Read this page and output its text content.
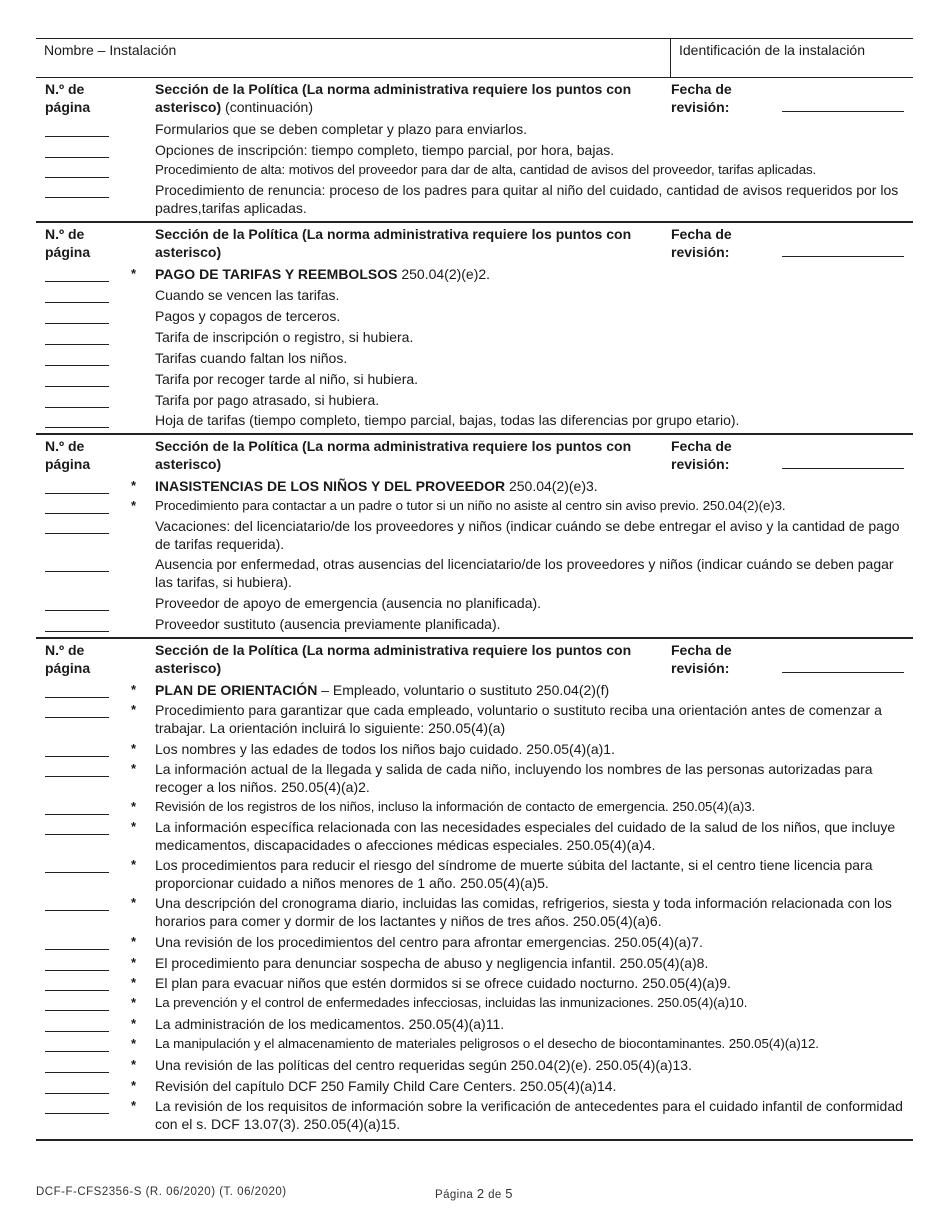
Nombre – Instalación	Identificación de la instalación
N.º de página
Sección de la Política (La norma administrativa requiere los puntos con asterisco) (continuación)
Fecha de revisión:
Formularios que se deben completar y plazo para enviarlos.
Opciones de inscripción: tiempo completo, tiempo parcial, por hora, bajas.
Procedimiento de alta: motivos del proveedor para dar de alta, cantidad de avisos del proveedor, tarifas aplicadas.
Procedimiento de renuncia: proceso de los padres para quitar al niño del cuidado, cantidad de avisos requeridos por los padres,tarifas aplicadas.
N.º de página
Sección de la Política (La norma administrativa requiere los puntos con asterisco)
Fecha de revisión:
* PAGO DE TARIFAS Y REEMBOLSOS 250.04(2)(e)2.
Cuando se vencen las tarifas.
Pagos y copagos de terceros.
Tarifa de inscripción o registro, si hubiera.
Tarifas cuando faltan los niños.
Tarifa por recoger tarde al niño, si hubiera.
Tarifa por pago atrasado, si hubiera.
Hoja de tarifas (tiempo completo, tiempo parcial, bajas, todas las diferencias por grupo etario).
N.º de página
Sección de la Política (La norma administrativa requiere los puntos con asterisco)
Fecha de revisión:
* INASISTENCIAS DE LOS NIÑOS Y DEL PROVEEDOR 250.04(2)(e)3.
* Procedimiento para contactar a un padre o tutor si un niño no asiste al centro sin aviso previo. 250.04(2)(e)3.
Vacaciones: del licenciatario/de los proveedores y niños (indicar cuándo se debe entregar el aviso y la cantidad de pago de tarifas requerida).
Ausencia por enfermedad, otras ausencias del licenciatario/de los proveedores y niños (indicar cuándo se deben pagar las tarifas, si hubiera).
Proveedor de apoyo de emergencia (ausencia no planificada).
Proveedor sustituto (ausencia previamente planificada).
N.º de página
Sección de la Política (La norma administrativa requiere los puntos con asterisco)
Fecha de revisión:
* PLAN DE ORIENTACIÓN – Empleado, voluntario o sustituto 250.04(2)(f)
* Procedimiento para garantizar que cada empleado, voluntario o sustituto reciba una orientación antes de comenzar a trabajar. La orientación incluirá lo siguiente: 250.05(4)(a)
* Los nombres y las edades de todos los niños bajo cuidado. 250.05(4)(a)1.
* La información actual de la llegada y salida de cada niño, incluyendo los nombres de las personas autorizadas para recoger a los niños. 250.05(4)(a)2.
* Revisión de los registros de los niños, incluso la información de contacto de emergencia. 250.05(4)(a)3.
* La información específica relacionada con las necesidades especiales del cuidado de la salud de los niños, que incluye medicamentos, discapacidades o afecciones médicas especiales. 250.05(4)(a)4.
* Los procedimientos para reducir el riesgo del síndrome de muerte súbita del lactante, si el centro tiene licencia para proporcionar cuidado a niños menores de 1 año. 250.05(4)(a)5.
* Una descripción del cronograma diario, incluidas las comidas, refrigerios, siesta y toda información relacionada con los horarios para comer y dormir de los lactantes y niños de tres años. 250.05(4)(a)6.
* Una revisión de los procedimientos del centro para afrontar emergencias. 250.05(4)(a)7.
* El procedimiento para denunciar sospecha de abuso y negligencia infantil. 250.05(4)(a)8.
* El plan para evacuar niños que estén dormidos si se ofrece cuidado nocturno. 250.05(4)(a)9.
* La prevención y el control de enfermedades infecciosas, incluidas las inmunizaciones. 250.05(4)(a)10.
* La administración de los medicamentos. 250.05(4)(a)11.
* La manipulación y el almacenamiento de materiales peligrosos o el desecho de biocontaminantes. 250.05(4)(a)12.
* Una revisión de las políticas del centro requeridas según 250.04(2)(e). 250.05(4)(a)13.
* Revisión del capítulo DCF 250 Family Child Care Centers. 250.05(4)(a)14.
* La revisión de los requisitos de información sobre la verificación de antecedentes para el cuidado infantil de conformidad con el s. DCF 13.07(3). 250.05(4)(a)15.
DCF-F-CFS2356-S (R. 06/2020) (T. 06/2020)	Página 2 de 5
